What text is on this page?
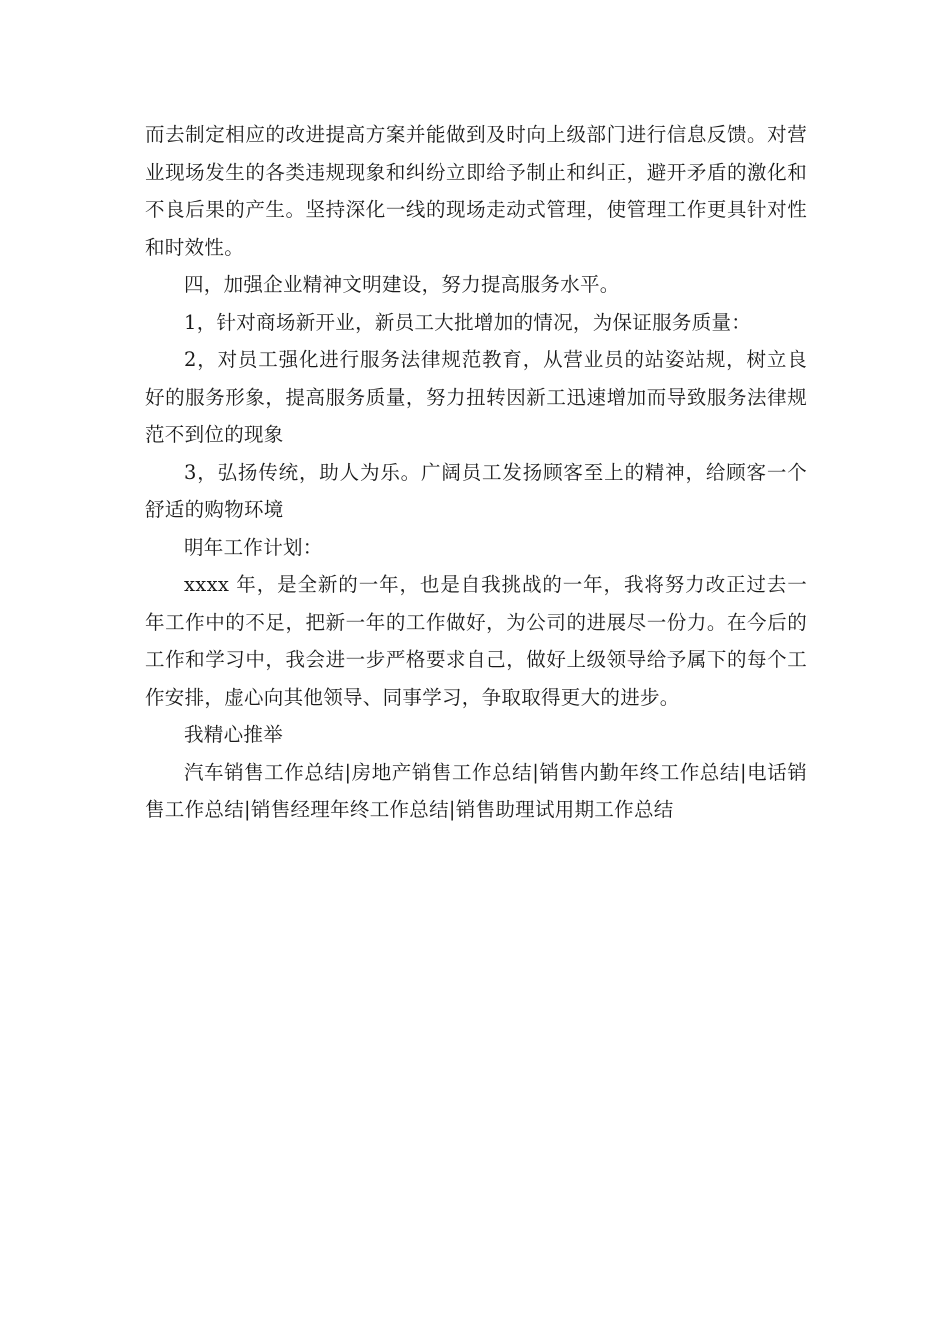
而去制定相应的改进提高方案并能做到及时向上级部门进行信息反馈。对营业现场发生的各类违规现象和纠纷立即给予制止和纠正，避开矛盾的激化和不良后果的产生。坚持深化一线的现场走动式管理，使管理工作更具针对性和时效性。

四，加强企业精神文明建设，努力提高服务水平。

1，针对商场新开业，新员工大批增加的情况，为保证服务质量：

2，对员工强化进行服务法律规范教育，从营业员的站姿站规，树立良好的服务形象，提高服务质量，努力扭转因新工迅速增加而导致服务法律规范不到位的现象

3，弘扬传统，助人为乐。广阔员工发扬顾客至上的精神，给顾客一个舒适的购物环境

明年工作计划：

xxxx 年，是全新的一年，也是自我挑战的一年，我将努力改正过去一年工作中的不足，把新一年的工作做好，为公司的进展尽一份力。在今后的工作和学习中，我会进一步严格要求自己，做好上级领导给予属下的每个工作安排，虚心向其他领导、同事学习，争取取得更大的进步。

我精心推举

汽车销售工作总结|房地产销售工作总结|销售内勤年终工作总结|电话销售工作总结|销售经理年终工作总结|销售助理试用期工作总结
